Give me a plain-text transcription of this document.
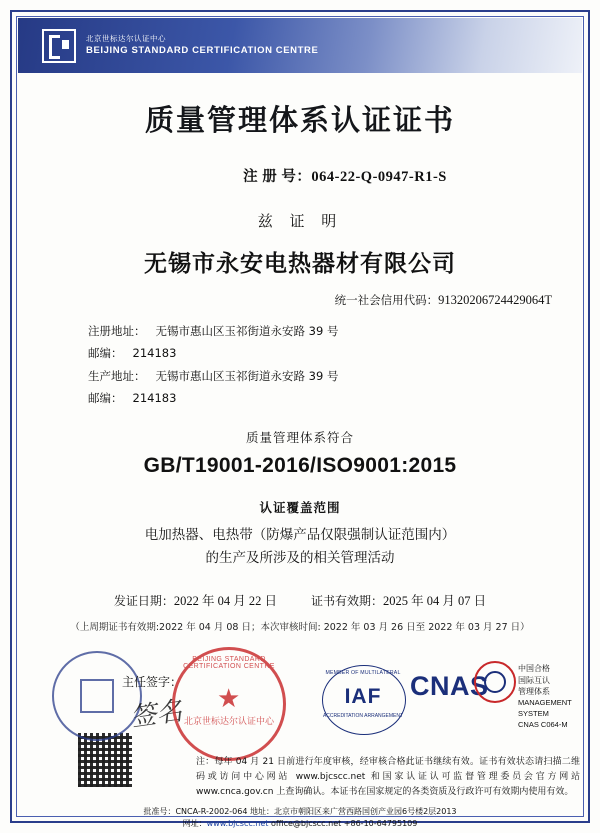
北京世标达尔认证中心
BEIJING STANDARD CERTIFICATION CENTRE
质量管理体系认证证书
注 册 号：064-22-Q-0947-R1-S
兹 证 明
无锡市永安电热器材有限公司
统一社会信用代码：91320206724429064T
注册地址： 无锡市惠山区玉祁街道永安路 39 号
邮编： 214183
生产地址： 无锡市惠山区玉祁街道永安路 39 号
邮编： 214183
质量管理体系符合
GB/T19001-2016/ISO9001:2015
认证覆盖范围
电加热器、电热带（防爆产品仅限强制认证范围内）
的生产及所涉及的相关管理活动
发证日期：2022 年 04 月 22 日	证书有效期：2025 年 04 月 07 日
（上周期证书有效期:2022 年 04 月 08 日；本次审核时间: 2022 年 03 月 26 日至 2022 年 03 月 27 日）
主任签字：
签名
BEIJING STANDARD CERTIFICATION CENTRE
★
北京世标达尔认证中心
MEMBER OF MULTILATERAL
IAF
ACCREDITATION ARRANGEMENT
CNAS
中国合格
国际互认
管理体系
MANAGEMENT SYSTEM
CNAS C064-M
注：每年 04 月 21 日前进行年度审核，经审核合格此证书继续有效。证书有效状态请扫描二维码或访问中心网站 www.bjcscc.net 和国家认证认可监督管理委员会官方网站 www.cnca.gov.cn 上查询确认。本证书在国家规定的各类资质及行政许可有效期内使用有效。
批准号：CNCA-R-2002-064 地址：北京市朝阳区来广营西路国创产业园6号楼2层2013
网址：www.bjcscc.net office@bjcscc.net +86-10-64795109
